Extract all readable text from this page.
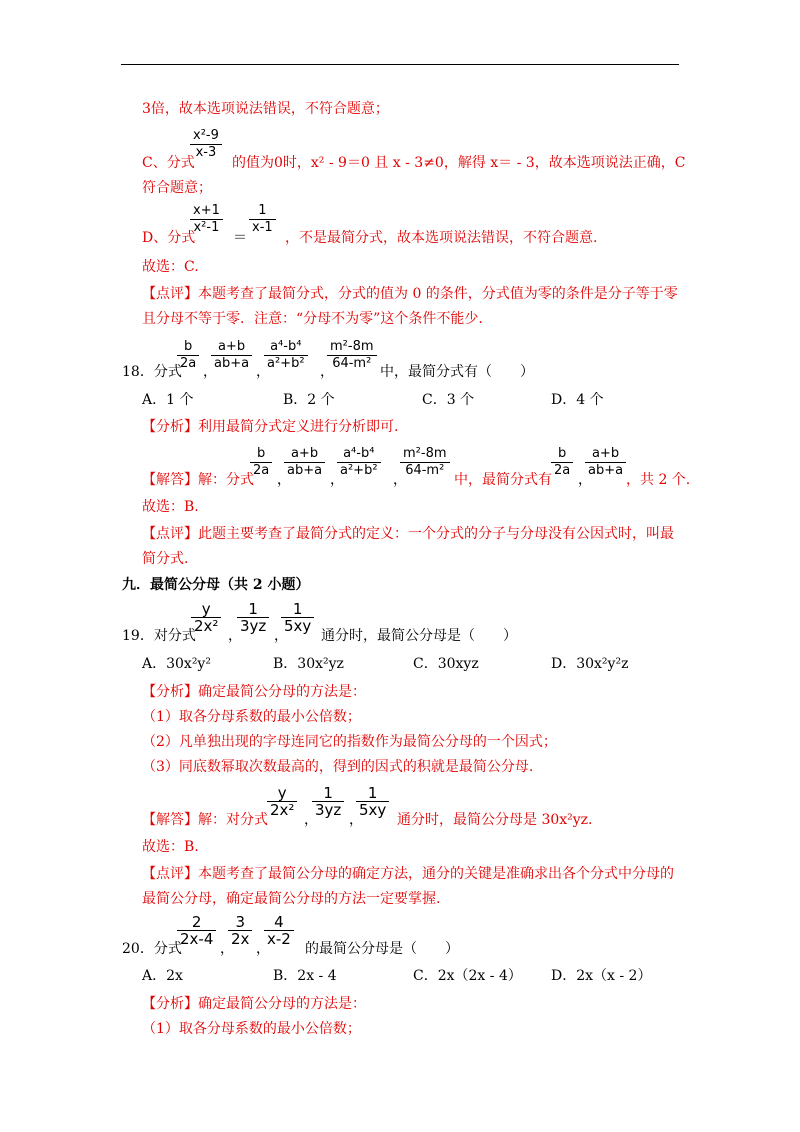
3倍，故本选项说法错误，不符合题意；
$\frac{\text{x²-9}}{x-3}$
C、分式	的值为0时，x² - 9＝0 且 x - 3≠0，解得 x＝ - 3，故本选项说法正确，C
符合题意；
$\frac{x+1}{\text{x²-1}}$
＝
$\frac{1}{x-1}$
D、分式	，不是最简分式，故本选项说法错误，不符合题意.
故选：C.
【点评】本题考查了最简分式，分式的值为 0 的条件，分式值为零的条件是分子等于零
且分母不等于零．注意：“分母不为零”这个条件不能少.
18．分式
$\frac{b}{2a}$ ，
$\frac{a+b}{ab+a}$ ，
$\frac{\text{a⁴-b⁴}}{\text{a²+b²}}$ ，
$\frac{\text{m²-8m}}{\text{64-m²}}$ 中，最简分式有（　　）
A．1 个	B．2 个	C．3 个	D．4 个
【分析】利用最简分式定义进行分析即可.
【解答】解：分式
$\frac{b}{2a}$
，
$\frac{a+b}{ab+a}$
，
$\frac{\text{a⁴-b⁴}}{\text{a²+b²}}$
，
$\frac{\text{m²-8m}}{\text{64-m²}}$
中，最简分式有
$\frac{b}{2a}$
，
$\frac{a+b}{ab+a}$
，共 2 个.
故选：B.
【点评】此题主要考查了最简分式的定义：一个分式的分子与分母没有公因式时，叫最
简分式.
九．最简公分母（共 2 小题）
19．对分式
$\frac{y}{\text{2x²}}$
，
$\frac{1}{3yz}$
，
$\frac{1}{5xy}$
通分时，最简公分母是（　　）
A．30x²y²	B．30x²yz	C．30xyz	D．30x²y²z
【分析】确定最简公分母的方法是：
（1）取各分母系数的最小公倍数；
（2）凡单独出现的字母连同它的指数作为最简公分母的一个因式；
（3）同底数幂取次数最高的，得到的因式的积就是最简公分母.
【解答】解：对分式
$\frac{y}{\text{2x²}}$
，
$\frac{1}{3yz}$
，
$\frac{1}{5xy}$
通分时，最简公分母是 30x²yz.
故选：B.
【点评】本题考查了最简公分母的确定方法，通分的关键是准确求出各个分式中分母的
最简公分母，确定最简公分母的方法一定要掌握.
20．分式
$\frac{2}{2x-4}$
，
$\frac{3}{2x}$
，
$\frac{4}{x-2}$
的最简公分母是（　　）
A．2x	B．2x - 4	C．2x（2x - 4） D．2x（x - 2）
【分析】确定最简公分母的方法是：
（1）取各分母系数的最小公倍数；
